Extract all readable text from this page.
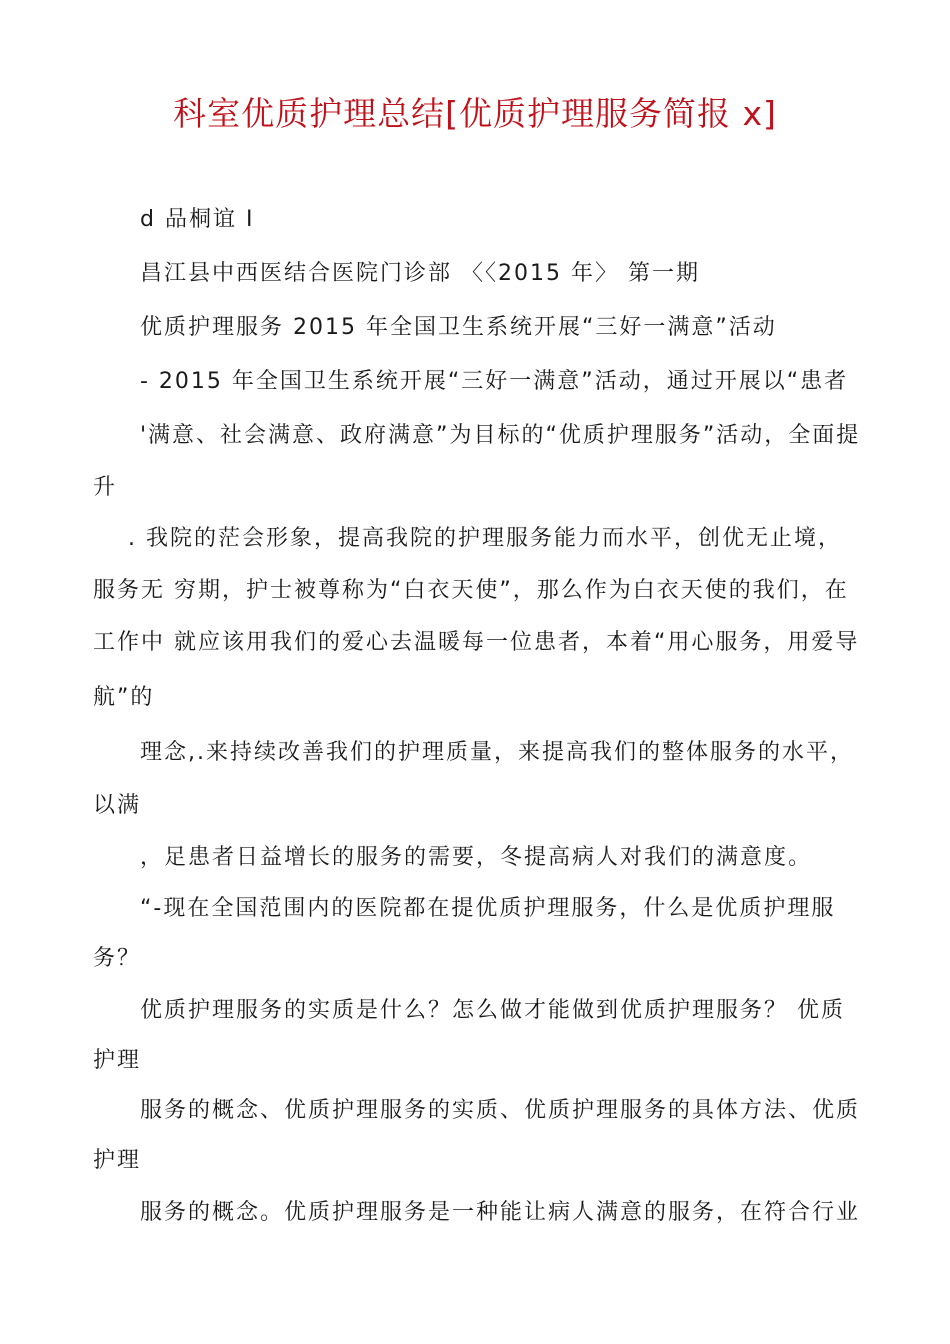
科室优质护理总结[优质护理服务简报 x]
d 品桐谊 I
昌江县中西医结合医院门诊部 〈〈2015 年〉 第一期
优质护理服务 2015 年全国卫生系统开展“三好一满意”活动
- 2015 年全国卫生系统开展“三好一满意”活动，通过开展以“患者
'满意、社会满意、政府满意”为目标的“优质护理服务”活动，全面提
升
. 我院的茫会形象，提高我院的护理服务能力而水平，创优无止境，
服务无 穷期，护士被尊称为“白衣天使”，那么作为白衣天使的我们，在
工作中 就应该用我们的爱心去温暖每一位患者，本着“用心服务，用爱导
航”的
理念,.来持续改善我们的护理质量，来提高我们的整体服务的水平，
以满
，足患者日益增长的服务的需要，冬提高病人对我们的满意度。
“-现在全国范围内的医院都在提优质护理服务，什么是优质护理服
务？
优质护理服务的实质是什么？怎么做才能做到优质护理服务？ 优质
护理
服务的概念、优质护理服务的实质、优质护理服务的具体方法、优质
护理
服务的概念。优质护理服务是一种能让病人满意的服务，在符合行业
